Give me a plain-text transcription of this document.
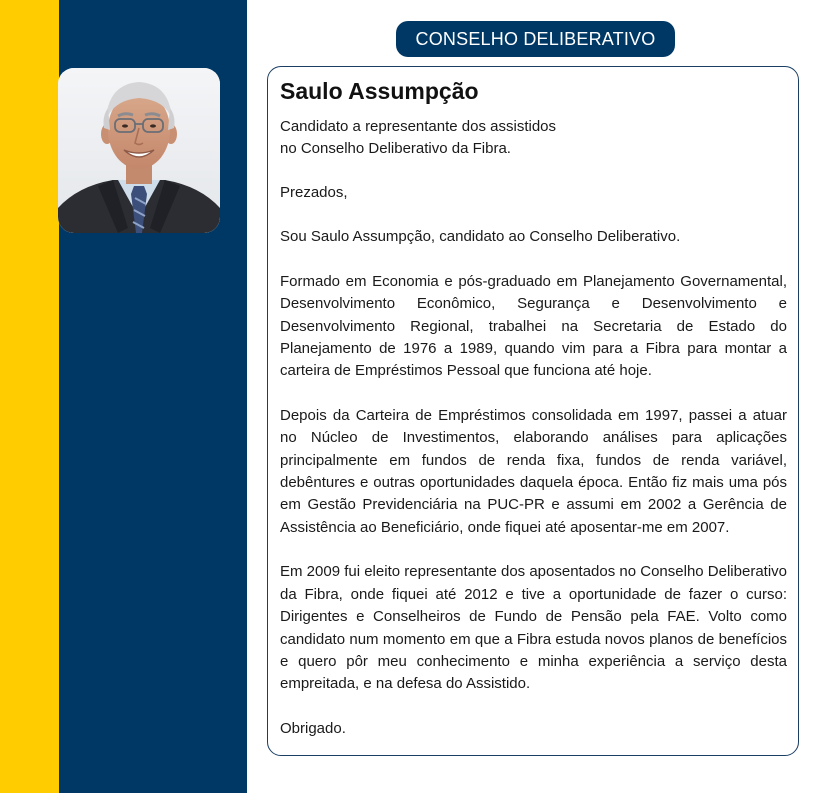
CONSELHO DELIBERATIVO
Saulo Assumpção
Candidato a representante dos assistidos
no Conselho Deliberativo da Fibra.

Prezados,

Sou Saulo Assumpção, candidato ao Conselho Deliberativo.

Formado em Economia e pós-graduado em Planejamento Governamental, Desenvolvimento Econômico, Segurança e Desenvolvimento e Desenvolvimento Regional, trabalhei na Secretaria de Estado do Planejamento de 1976 a 1989, quando vim para a Fibra para montar a carteira de Empréstimos Pessoal que funciona até hoje.

Depois da Carteira de Empréstimos consolidada em 1997, passei a atuar no Núcleo de Investimentos, elaborando análises para aplicações principalmente em fundos de renda fixa, fundos de renda variável, debêntures e outras oportunidades daquela época. Então fiz mais uma pós em Gestão Previdenciária na PUC-PR e assumi em 2002 a Gerência de Assistência ao Beneficiário, onde fiquei até aposentar-me em 2007.

Em 2009 fui eleito representante dos aposentados no Conselho Deliberativo da Fibra, onde fiquei até 2012 e tive a oportunidade de fazer o curso: Dirigentes e Conselheiros de Fundo de Pensão pela FAE. Volto como candidato num momento em que a Fibra estuda novos planos de benefícios e quero pôr meu conhecimento e minha experiência a serviço desta empreitada, e na defesa do Assistido.

Obrigado.
